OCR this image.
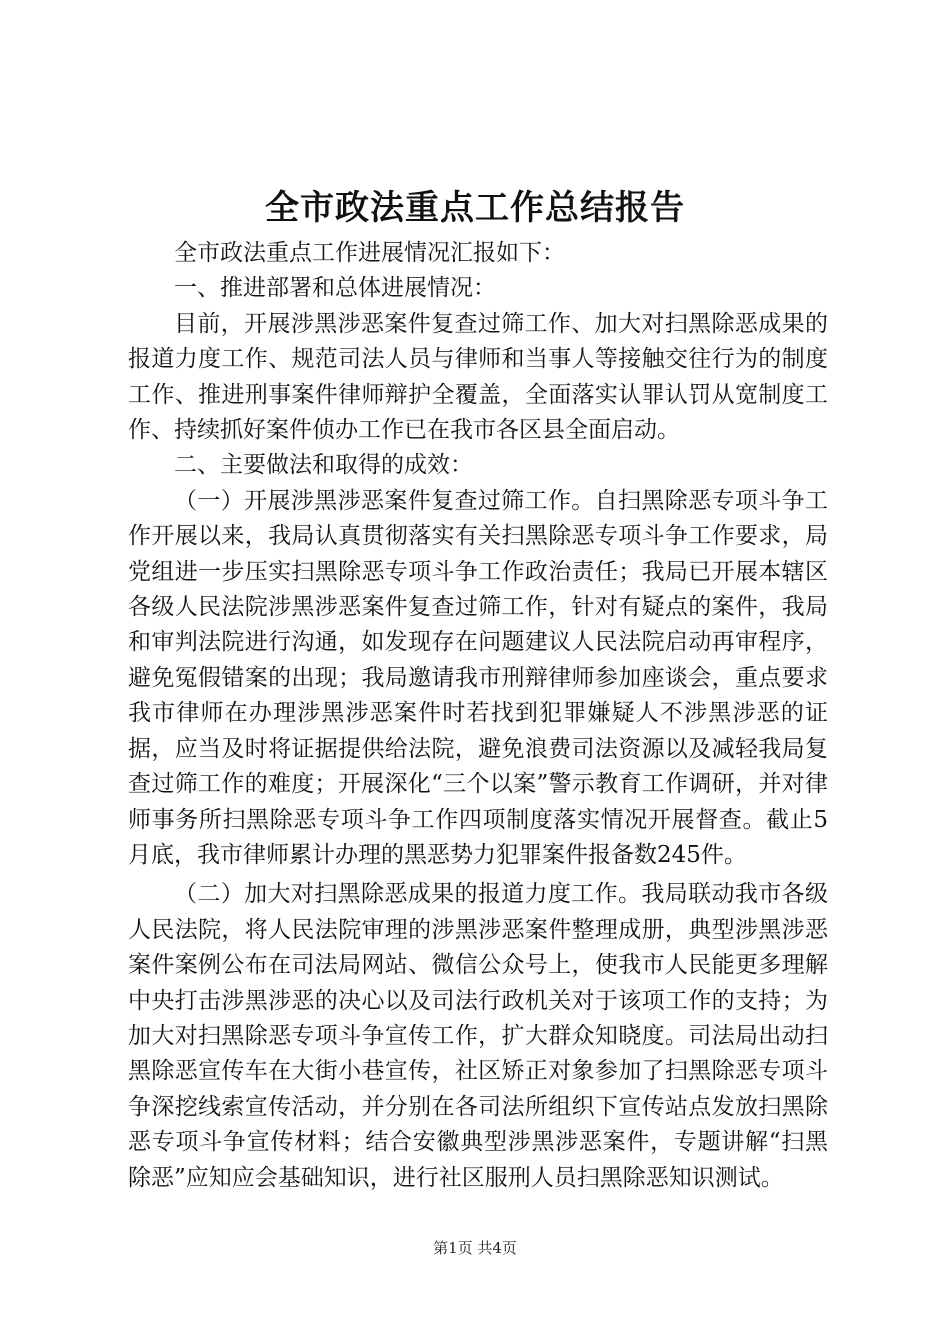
全市政法重点工作总结报告

全市政法重点工作进展情况汇报如下：

一、推进部署和总体进展情况：

目前，开展涉黑涉恶案件复查过筛工作、加大对扫黑除恶成果的报道力度工作、规范司法人员与律师和当事人等接触交往行为的制度工作、推进刑事案件律师辩护全覆盖，全面落实认罪认罚从宽制度工作、持续抓好案件侦办工作已在我市各区县全面启动。

二、主要做法和取得的成效：

（一）开展涉黑涉恶案件复查过筛工作。自扫黑除恶专项斗争工作开展以来，我局认真贯彻落实有关扫黑除恶专项斗争工作要求，局党组进一步压实扫黑除恶专项斗争工作政治责任；我局已开展本辖区各级人民法院涉黑涉恶案件复查过筛工作，针对有疑点的案件，我局和审判法院进行沟通，如发现存在问题建议人民法院启动再审程序，避免冤假错案的出现；我局邀请我市刑辩律师参加座谈会，重点要求我市律师在办理涉黑涉恶案件时若找到犯罪嫌疑人不涉黑涉恶的证据，应当及时将证据提供给法院，避免浪费司法资源以及减轻我局复查过筛工作的难度；开展深化“三个以案”警示教育工作调研，并对律师事务所扫黑除恶专项斗争工作四项制度落实情况开展督查。截止5月底，我市律师累计办理的黑恶势力犯罪案件报备数245件。

（二）加大对扫黑除恶成果的报道力度工作。我局联动我市各级人民法院，将人民法院审理的涉黑涉恶案件整理成册，典型涉黑涉恶案件案例公布在司法局网站、微信公众号上，使我市人民能更多理解中央打击涉黑涉恶的决心以及司法行政机关对于该项工作的支持；为加大对扫黑除恶专项斗争宣传工作，扩大群众知晓度。司法局出动扫黑除恶宣传车在大街小巷宣传，社区矫正对象参加了扫黑除恶专项斗争深挖线索宣传活动，并分别在各司法所组织下宣传站点发放扫黑除恶专项斗争宣传材料；结合安徽典型涉黑涉恶案件，专题讲解“扫黑除恶”应知应会基础知识，进行社区服刑人员扫黑除恶知识测试。

第1页 共4页
